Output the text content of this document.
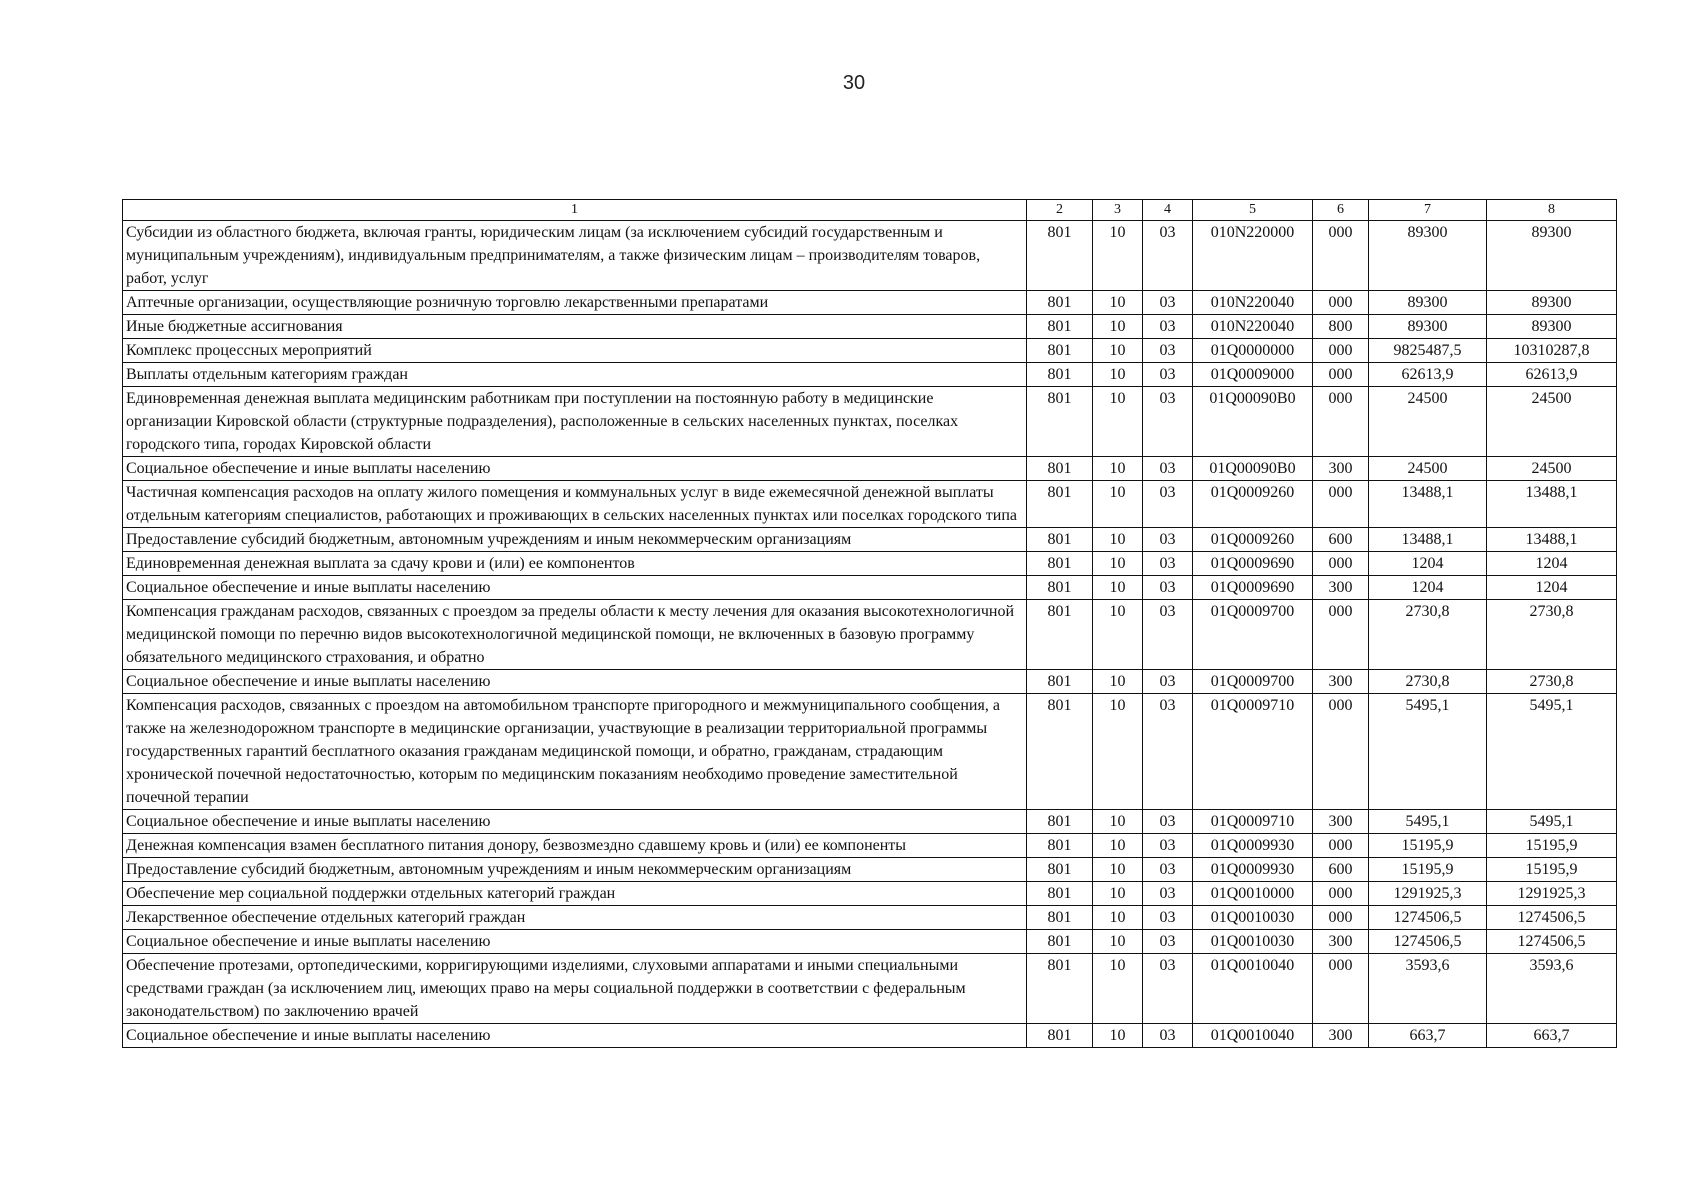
30
1	2	3	4	5	6	7	8
Субсидии из областного бюджета, включая гранты, юридическим лицам (за исключением субсидий государственным и муниципальным учреждениям), индивидуальным предпринимателям, а также физическим лицам – производителям товаров, работ, услуг	801	10	03	010N220000	000	89300	89300
Аптечные организации, осуществляющие розничную торговлю лекарственными препаратами	801	10	03	010N220040	000	89300	89300
Иные бюджетные ассигнования	801	10	03	010N220040	800	89300	89300
Комплекс процессных мероприятий	801	10	03	01Q0000000	000	9825487,5	10310287,8
Выплаты отдельным категориям граждан	801	10	03	01Q0009000	000	62613,9	62613,9
Единовременная денежная выплата медицинским работникам при поступлении на постоянную работу в медицинские организации Кировской области (структурные подразделения), расположенные в сельских населенных пунктах, поселках городского типа, городах Кировской области	801	10	03	01Q00090B0	000	24500	24500
Социальное обеспечение и иные выплаты населению	801	10	03	01Q00090B0	300	24500	24500
Частичная компенсация расходов на оплату жилого помещения и коммунальных услуг в виде ежемесячной денежной выплаты отдельным категориям специалистов, работающих и проживающих в сельских населенных пунктах или поселках городского типа	801	10	03	01Q0009260	000	13488,1	13488,1
Предоставление субсидий бюджетным, автономным учреждениям и иным некоммерческим организациям	801	10	03	01Q0009260	600	13488,1	13488,1
Единовременная денежная выплата за сдачу крови и (или) ее компонентов	801	10	03	01Q0009690	000	1204	1204
Социальное обеспечение и иные выплаты населению	801	10	03	01Q0009690	300	1204	1204
Компенсация гражданам расходов, связанных с проездом за пределы области к месту лечения для оказания высокотехнологичной медицинской помощи по перечню видов высокотехнологичной медицинской помощи, не включенных в базовую программу обязательного медицинского страхования, и обратно	801	10	03	01Q0009700	000	2730,8	2730,8
Социальное обеспечение и иные выплаты населению	801	10	03	01Q0009700	300	2730,8	2730,8
Компенсация расходов, связанных с проездом на автомобильном транспорте пригородного и межмуниципального сообщения, а также на железнодорожном транспорте в медицинские организации, участвующие в реализации территориальной программы государственных гарантий бесплатного оказания гражданам медицинской помощи, и обратно, гражданам, страдающим хронической почечной недостаточностью, которым по медицинским показаниям необходимо проведение заместительной почечной терапии	801	10	03	01Q0009710	000	5495,1	5495,1
Социальное обеспечение и иные выплаты населению	801	10	03	01Q0009710	300	5495,1	5495,1
Денежная компенсация взамен бесплатного питания донору, безвозмездно сдавшему кровь и (или) ее компоненты	801	10	03	01Q0009930	000	15195,9	15195,9
Предоставление субсидий бюджетным, автономным учреждениям и иным некоммерческим организациям	801	10	03	01Q0009930	600	15195,9	15195,9
Обеспечение мер социальной поддержки отдельных категорий граждан	801	10	03	01Q0010000	000	1291925,3	1291925,3
Лекарственное обеспечение отдельных категорий граждан	801	10	03	01Q0010030	000	1274506,5	1274506,5
Социальное обеспечение и иные выплаты населению	801	10	03	01Q0010030	300	1274506,5	1274506,5
Обеспечение протезами, ортопедическими, корригирующими изделиями, слуховыми аппаратами и иными специальными средствами граждан (за исключением лиц, имеющих право на меры социальной поддержки в соответствии с федеральным законодательством) по заключению врачей	801	10	03	01Q0010040	000	3593,6	3593,6
Социальное обеспечение и иные выплаты населению	801	10	03	01Q0010040	300	663,7	663,7
